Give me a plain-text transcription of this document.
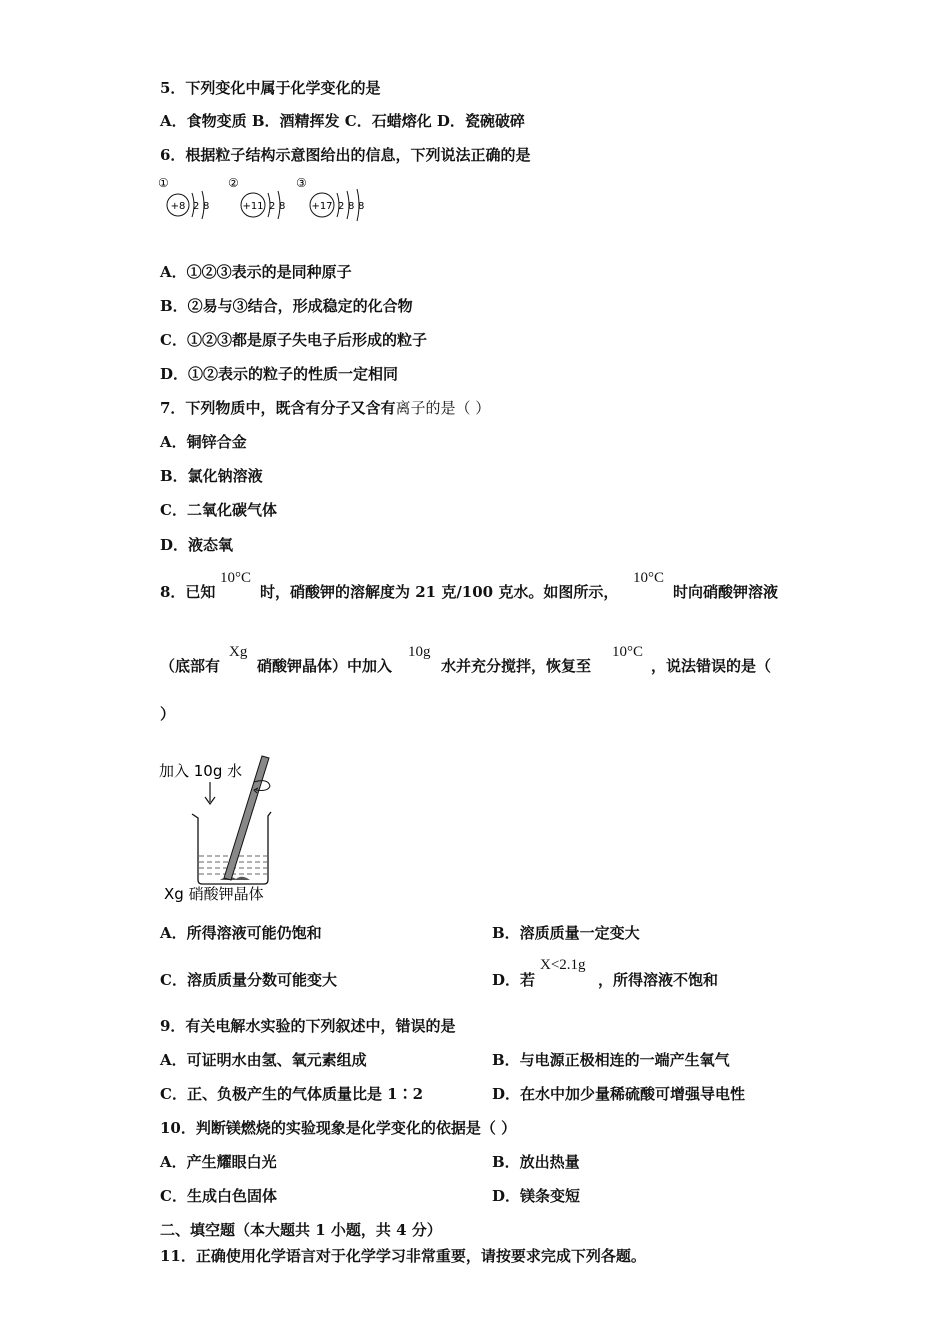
5．下列变化中属于化学变化的是
A．食物变质 B．酒精挥发 C．石蜡熔化 D．瓷碗破碎
6．根据粒子结构示意图给出的信息，下列说法正确的是
①
+8 2 8
②
+11 2 8
③
+17 2 8 8
A．①②③表示的是同种原子
B．②易与③结合，形成稳定的化合物
C．①②③都是原子失电子后形成的粒子
D．①②表示的粒子的性质一定相同
7．下列物质中，既含有分子又含有离子的是（ ）
A．铜锌合金
B．氯化钠溶液
C．二氧化碳气体
D．液态氧
8．已知
10°C
时，硝酸钾的溶解度为 21 克/100 克水。如图所示，
10°C
时向硝酸钾溶液
（底部有
Xg
硝酸钾晶体）中加入
10g
水并充分搅拌，恢复至
10°C
，说法错误的是（
）
加入 10g 水
Xg 硝酸钾晶体
A．所得溶液可能仍饱和	B．溶质质量一定变大
C．溶质质量分数可能变大	D．若
X<2.1g
，所得溶液不饱和
9．有关电解水实验的下列叙述中，错误的是
A．可证明水由氢、氧元素组成	B．与电源正极相连的一端产生氧气
C．正、负极产生的气体质量比是 1∶2	D．在水中加少量稀硫酸可增强导电性
10．判断镁燃烧的实验现象是化学变化的依据是（ ）
A．产生耀眼白光	B．放出热量
C．生成白色固体	D．镁条变短
二、填空题（本大题共 1 小题，共 4 分）
11．正确使用化学语言对于化学学习非常重要，请按要求完成下列各题。
